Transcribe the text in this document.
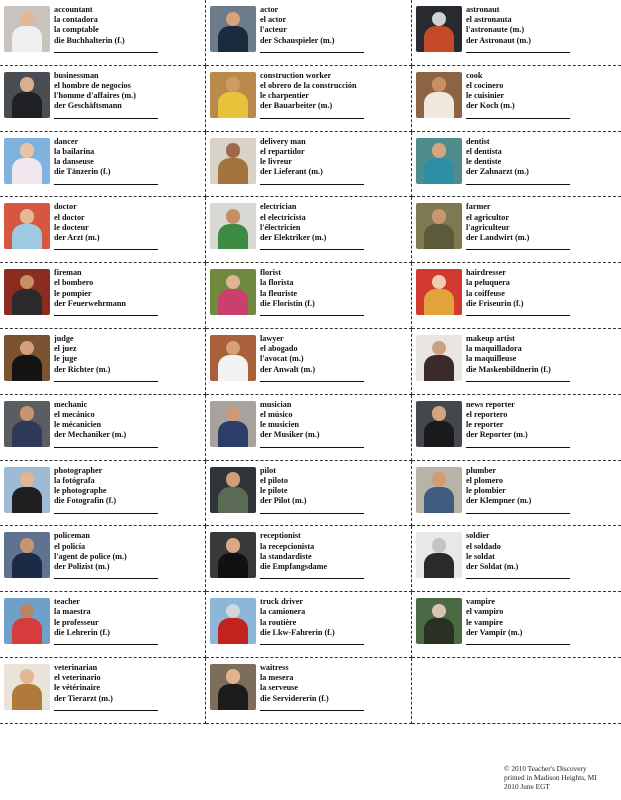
accountant
la contadora
la comptable
die Buchhalterin (f.)
actor
el actor
l'acteur
der Schauspieler (m.)
astronaut
el astronauta
l'astronaute (m.)
der Astronaut (m.)
businessman
el hombre de negocios
l'homme d'affaires (m.)
der Geschäftsmann
construction worker
el obrero de la construcción
le charpentier
der Bauarbeiter (m.)
cook
el cocinero
le cuisinier
der Koch (m.)
dancer
la bailarina
la danseuse
die Tänzerin (f.)
delivery man
el repartidor
le livreur
der Lieferant (m.)
dentist
el dentista
le dentiste
der Zahnarzt (m.)
doctor
el doctor
le docteur
der Arzt (m.)
electrician
el electricista
l'électricien
der Elektriker (m.)
farmer
el agricultor
l'agriculteur
der Landwirt (m.)
fireman
el bombero
le pompier
der Feuerwehrmann
florist
la florista
la fleuriste
die Floristin (f.)
hairdresser
la peluquera
la coiffeuse
die Friseurin (f.)
judge
el juez
le juge
der Richter (m.)
lawyer
el abogado
l'avocat (m.)
der Anwalt (m.)
makeup artist
la maquilladora
la maquilleuse
die Maskenbildnerin (f.)
mechanic
el mecánico
le mécanicien
der Mechaniker (m.)
musician
el músico
le musicien
der Musiker (m.)
news reporter
el reportero
le reporter
der Reporter (m.)
photographer
la fotógrafa
le photographe
die Fotografin (f.)
pilot
el piloto
le pilote
der Pilot (m.)
plumber
el plomero
le plombier
der Klempner (m.)
policeman
el policía
l'agent de police (m.)
der Polizist (m.)
receptionist
la recepcionista
la standardiste
die Empfangsdame
soldier
el soldado
le soldat
der Soldat (m.)
teacher
la maestra
le professeur
die Lehrerin (f.)
truck driver
la camionera
la routière
die Lkw-Fahrerin (f.)
vampire
el vampiro
le vampire
der Vampir (m.)
veterinarian
el veterinario
le vétérinaire
der Tierarzt (m.)
waitress
la mesera
la serveuse
die Servidererin (f.)
© 2010 Teacher's Discovery
printed in Madison Heights, MI
2010 June EGT
